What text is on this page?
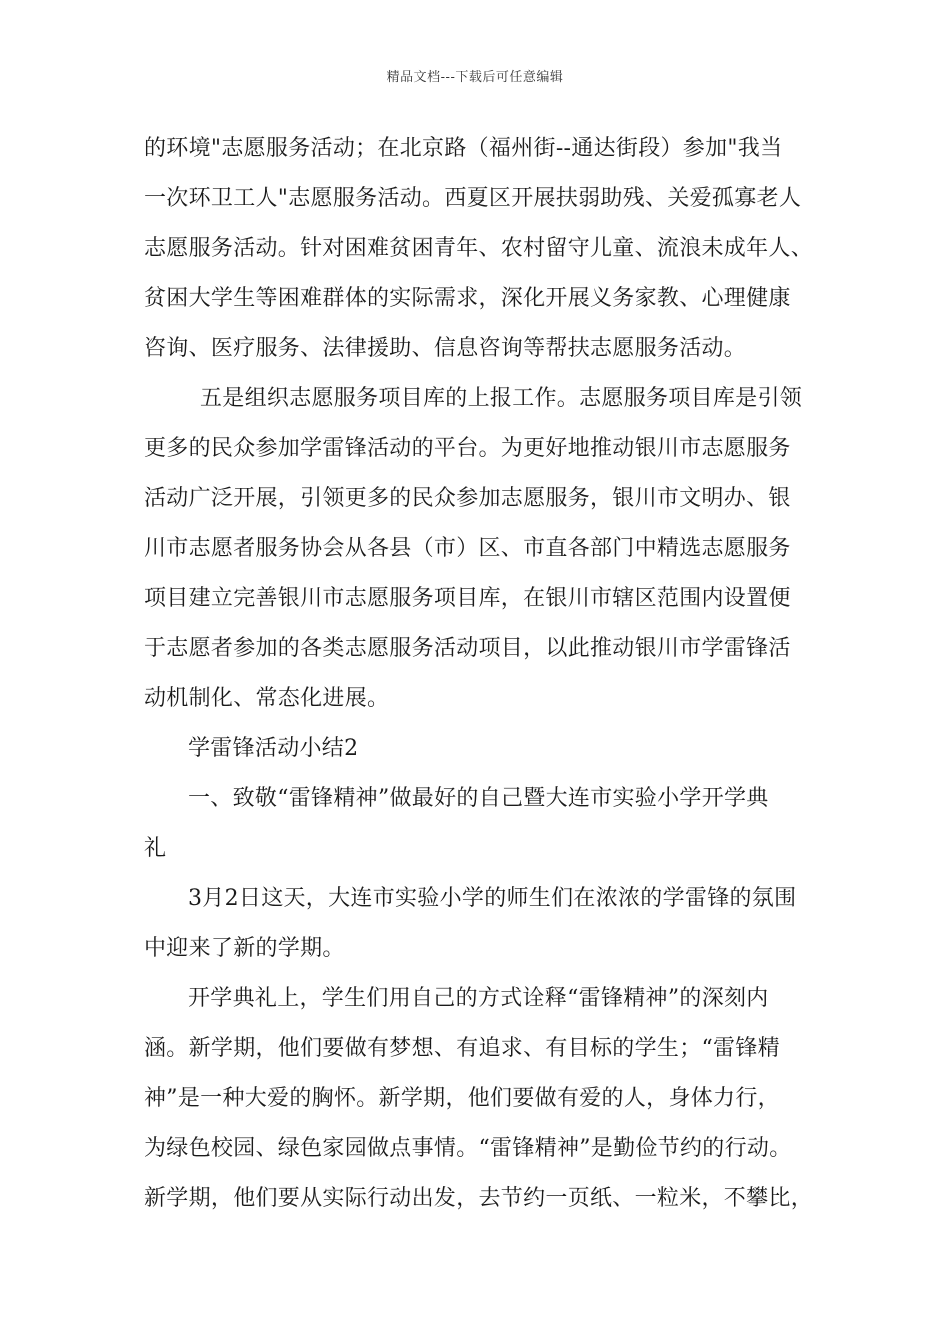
精品文档---下载后可任意编辑
的环境"志愿服务活动；在北京路（福州街--通达街段）参加"我当
一次环卫工人"志愿服务活动。西夏区开展扶弱助残、关爱孤寡老人
志愿服务活动。针对困难贫困青年、农村留守儿童、流浪未成年人、
贫困大学生等困难群体的实际需求，深化开展义务家教、心理健康
咨询、医疗服务、法律援助、信息咨询等帮扶志愿服务活动。
五是组织志愿服务项目库的上报工作。志愿服务项目库是引领
更多的民众参加学雷锋活动的平台。为更好地推动银川市志愿服务
活动广泛开展，引领更多的民众参加志愿服务，银川市文明办、银
川市志愿者服务协会从各县（市）区、市直各部门中精选志愿服务
项目建立完善银川市志愿服务项目库，在银川市辖区范围内设置便
于志愿者参加的各类志愿服务活动项目，以此推动银川市学雷锋活
动机制化、常态化进展。
学雷锋活动小结2
一、致敬“雷锋精神”做最好的自己暨大连市实验小学开学典
礼
3月2日这天，大连市实验小学的师生们在浓浓的学雷锋的氛围
中迎来了新的学期。
开学典礼上，学生们用自己的方式诠释“雷锋精神”的深刻内
涵。新学期，他们要做有梦想、有追求、有目标的学生；“雷锋精
神”是一种大爱的胸怀。新学期，他们要做有爱的人，身体力行，
为绿色校园、绿色家园做点事情。“雷锋精神”是勤俭节约的行动。
新学期，他们要从实际行动出发，去节约一页纸、一粒米，不攀比，
